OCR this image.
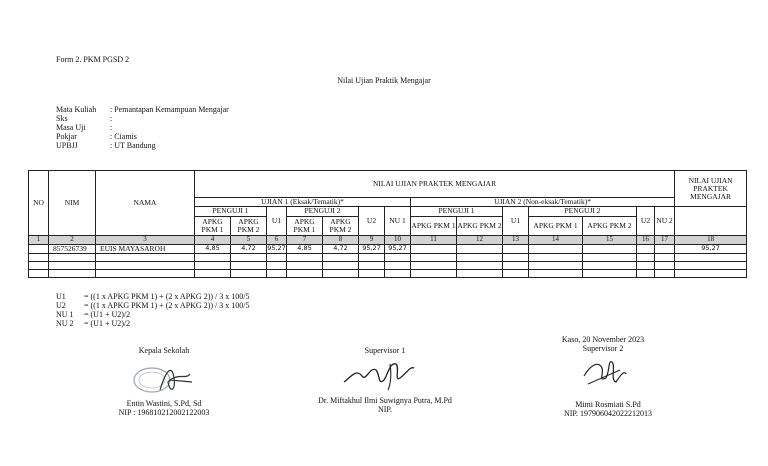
Form 2. PKM PGSD 2
Nilai Ujian Praktik Mengajar
Mata Kuliah	: Pemantapan Kemampuan Mengajar
Sks	:
Masa Uji	:
Pokjar	: Ciamis
UPBJJ	: UT Bandung
NO	NIM	NAMA	NILAI UJIAN PRAKTEK MENGAJAR														NILAI UJIAN PRAKTEK MENGAJAR
			UJIAN 1 (Eksak/Tematik)*							UJIAN 2 (Non-eksak/Tematik)*							
			PENGUJI 1		U1	PENGUJI 2		U2	NU 1	PENGUJI 1		U1	PENGUJI 2		U2	NU 2	
			APKG PKM 1	APKG PKM 2		APKG PKM 1	APKG PKM 2			APKG PKM 1	APKG PKM 2		APKG PKM 1	APKG PKM 2			
1	2	3	4	5	6	7	8	9	10	11	12	13	14	15	16	17	18
	857526739	EUIS MAYASAROH	4,85	4,72	95,27	4,85	4,72	95,27	95,27								95,27

U1	= ((1 x APKG PKM 1) + (2 x APKG 2)) / 3 x 100/5
U2	= ((1 x APKG PKM 1) + (2 x APKG 2)) / 3 x 100/5
NU 1	= (U1 + U2)/2
NU 2	= (U1 + U2)/2
Kepala Sekolah
Entin Wastini, S.Pd, Sd
NIP : 196810212002122003
Supervisor 1
Dr. Miftakhul Ilmi Suwignya Putra, M.Pd
NIP.
Kaso, 20 November 2023
Supervisor 2
Mimi Rosmiati S.Pd
NIP. 197906042022212013
